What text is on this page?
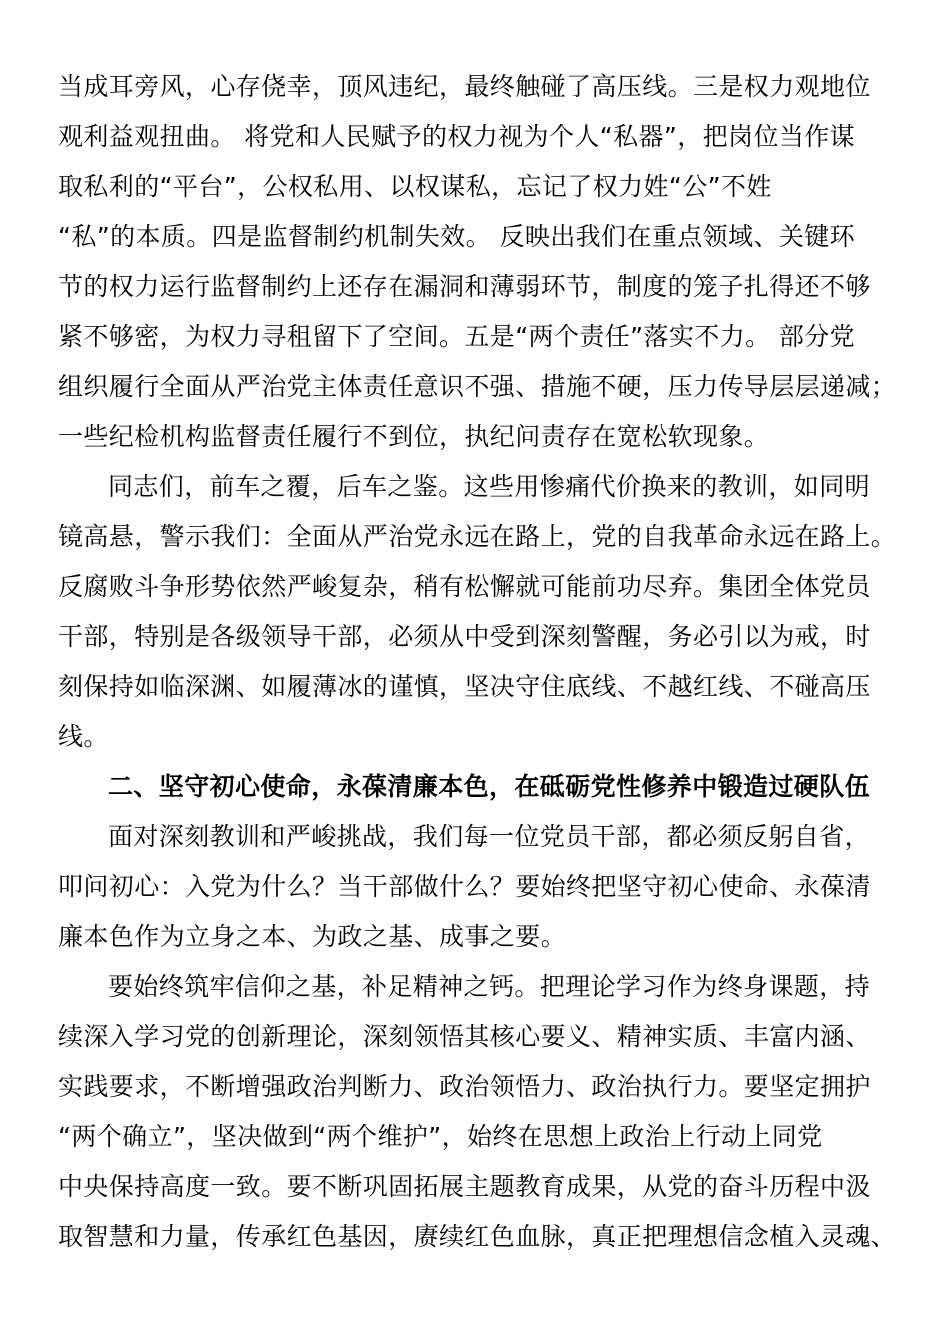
当成耳旁风，心存侥幸，顶风违纪，最终触碰了高压线。三是权力观地位
观利益观扭曲。 将党和人民赋予的权力视为个人“私器”，把岗位当作谋
取私利的“平台”，公权私用、以权谋私，忘记了权力姓“公”不姓
“私”的本质。四是监督制约机制失效。 反映出我们在重点领域、关键环
节的权力运行监督制约上还存在漏洞和薄弱环节，制度的笼子扎得还不够
紧不够密，为权力寻租留下了空间。五是“两个责任”落实不力。 部分党
组织履行全面从严治党主体责任意识不强、措施不硬，压力传导层层递减；
一些纪检机构监督责任履行不到位，执纪问责存在宽松软现象。
同志们，前车之覆，后车之鉴。这些用惨痛代价换来的教训，如同明
镜高悬，警示我们：全面从严治党永远在路上，党的自我革命永远在路上。
反腐败斗争形势依然严峻复杂，稍有松懈就可能前功尽弃。集团全体党员
干部，特别是各级领导干部，必须从中受到深刻警醒，务必引以为戒，时
刻保持如临深渊、如履薄冰的谨慎，坚决守住底线、不越红线、不碰高压
线。
二、坚守初心使命，永葆清廉本色，在砥砺党性修养中锻造过硬队伍
面对深刻教训和严峻挑战，我们每一位党员干部，都必须反躬自省，
叩问初心：入党为什么？当干部做什么？要始终把坚守初心使命、永葆清
廉本色作为立身之本、为政之基、成事之要。
要始终筑牢信仰之基，补足精神之钙。把理论学习作为终身课题，持
续深入学习党的创新理论，深刻领悟其核心要义、精神实质、丰富内涵、
实践要求，不断增强政治判断力、政治领悟力、政治执行力。要坚定拥护
“两个确立”，坚决做到“两个维护”，始终在思想上政治上行动上同党
中央保持高度一致。要不断巩固拓展主题教育成果，从党的奋斗历程中汲
取智慧和力量，传承红色基因，赓续红色血脉，真正把理想信念植入灵魂、
